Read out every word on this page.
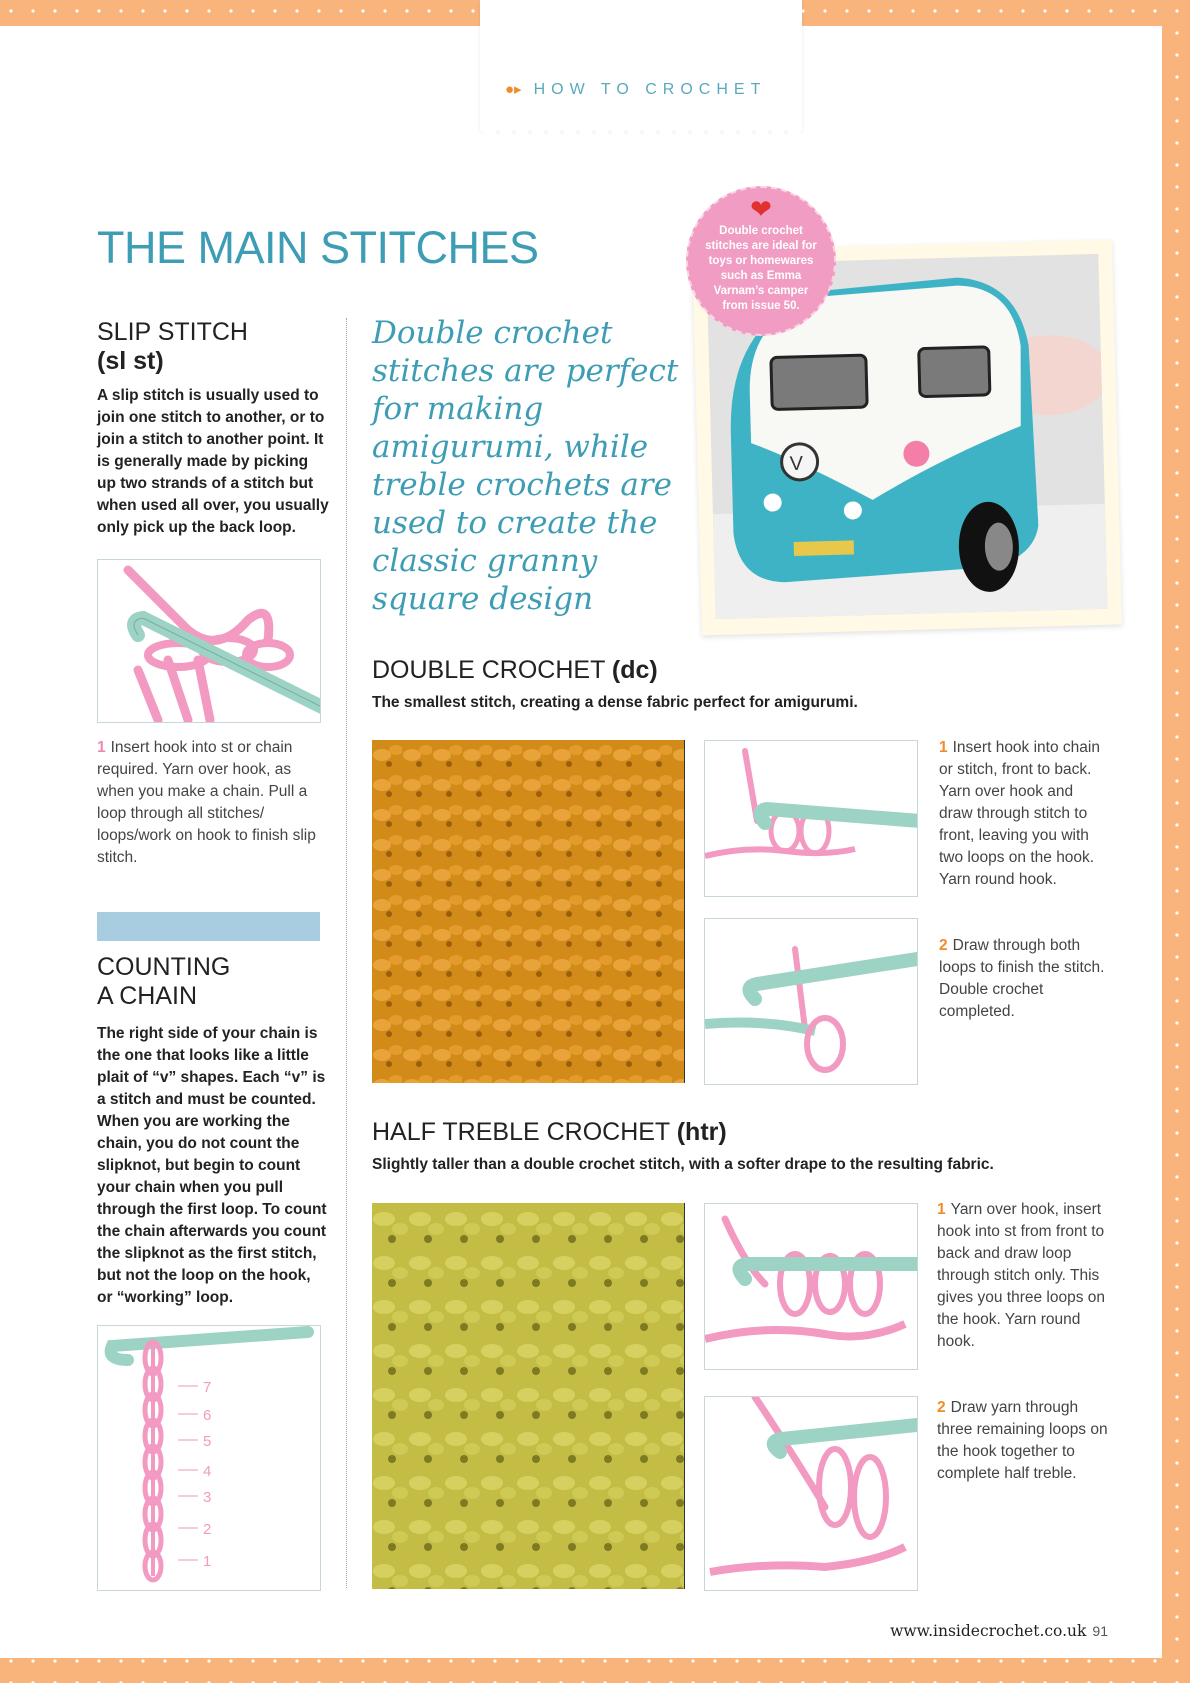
●▸ HOW TO CROCHET
THE MAIN STITCHES
SLIP STITCH
(sl st)
A slip stitch is usually used to join one stitch to another, or to join a stitch to another point. It is generally made by picking up two strands of a stitch but when used all over, you usually only pick up the back loop.
1 Insert hook into st or chain required. Yarn over hook, as when you make a chain. Pull a loop through all stitches/ loops/work on hook to finish slip stitch.
COUNTING
A CHAIN
The right side of your chain is the one that looks like a little plait of “v” shapes. Each “v” is a stitch and must be counted. When you are working the chain, you do not count the slipknot, but begin to count your chain when you pull through the first loop. To count the chain afterwards you count the slipknot as the first stitch, but not the loop on the hook, or “working” loop.
7
6
5
4
3
2
1
Double crochet stitches are perfect for making amigurumi, while treble crochets are used to create the classic granny square design
V
❤
Double crochet stitches are ideal for toys or homewares such as Emma Varnam’s camper from issue 50.
DOUBLE CROCHET (dc)
The smallest stitch, creating a dense fabric perfect for amigurumi.
1 Insert hook into chain or stitch, front to back. Yarn over hook and draw through stitch to front, leaving you with two loops on the hook. Yarn round hook.
2 Draw through both loops to finish the stitch. Double crochet completed.
HALF TREBLE CROCHET (htr)
Slightly taller than a double crochet stitch, with a softer drape to the resulting fabric.
1 Yarn over hook, insert hook into st from front to back and draw loop through stitch only. This gives you three loops on the hook. Yarn round hook.
2 Draw yarn through three remaining loops on the hook together to complete half treble.
www.insidecrochet.co.uk 91
